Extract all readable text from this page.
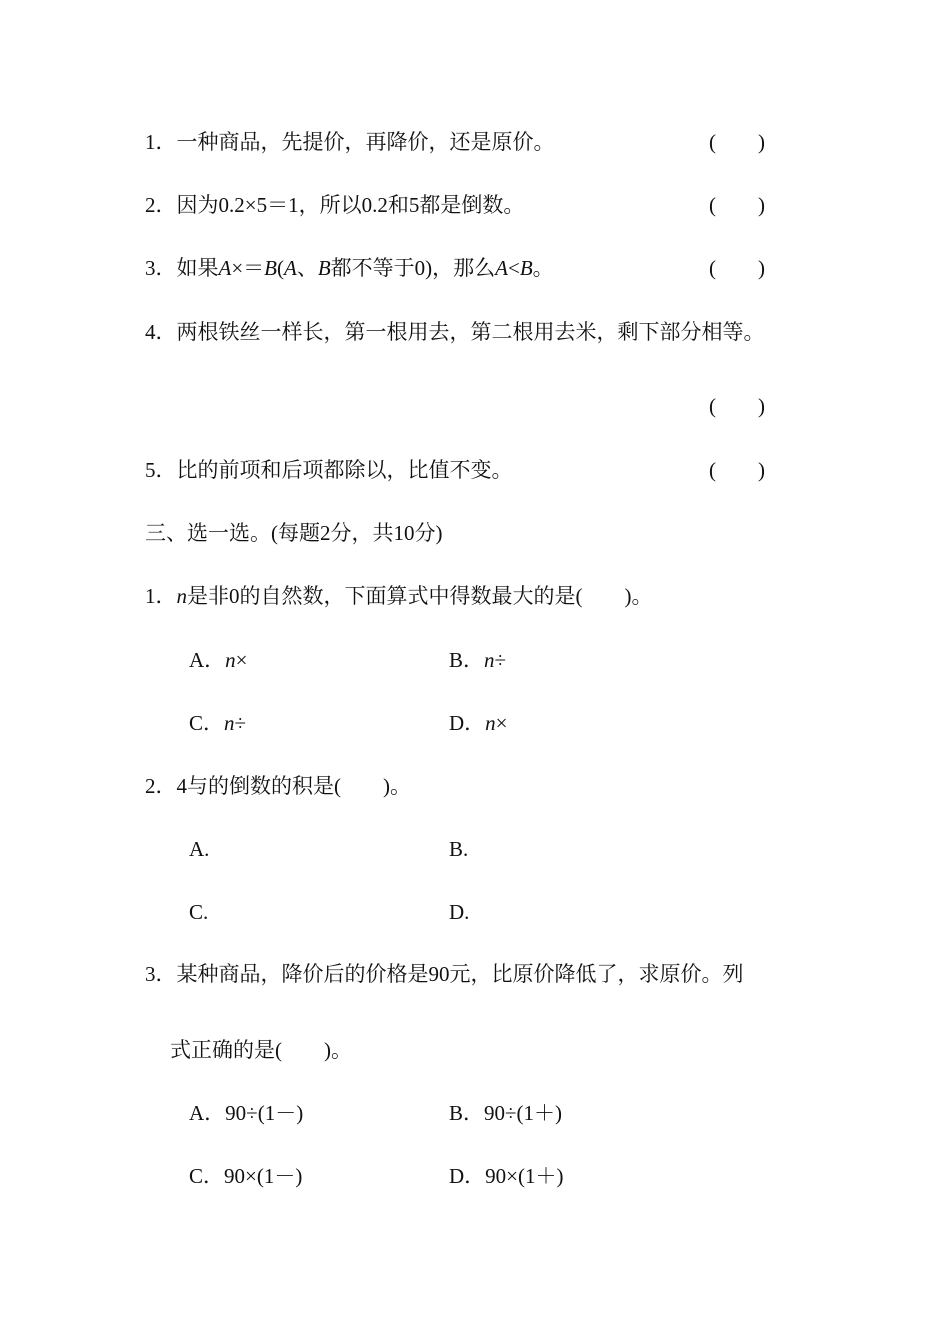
1．一种商品，先提价，再降价，还是原价。	(　　)
2．因为0.2×5＝1，所以0.2和5都是倒数。	(　　)
3．如果A×＝B(A、B都不等于0)，那么A<B。	(　　)
4．两根铁丝一样长，第一根用去，第二根用去米，剩下部分相等。
(　　)
5．比的前项和后项都除以，比值不变。	(　　)
三、选一选。(每题2分，共10分)
1．n是非0的自然数，下面算式中得数最大的是(　　)。
A．n×	B．n÷
C．n÷	D．n×
2．4与的倒数的积是(　　)。
A.	B.
C.	D.
3．某种商品，降价后的价格是90元，比原价降低了，求原价。列
式正确的是(　　)。
A．90÷(1－)	B．90÷(1＋)
C．90×(1－)	D．90×(1＋)
